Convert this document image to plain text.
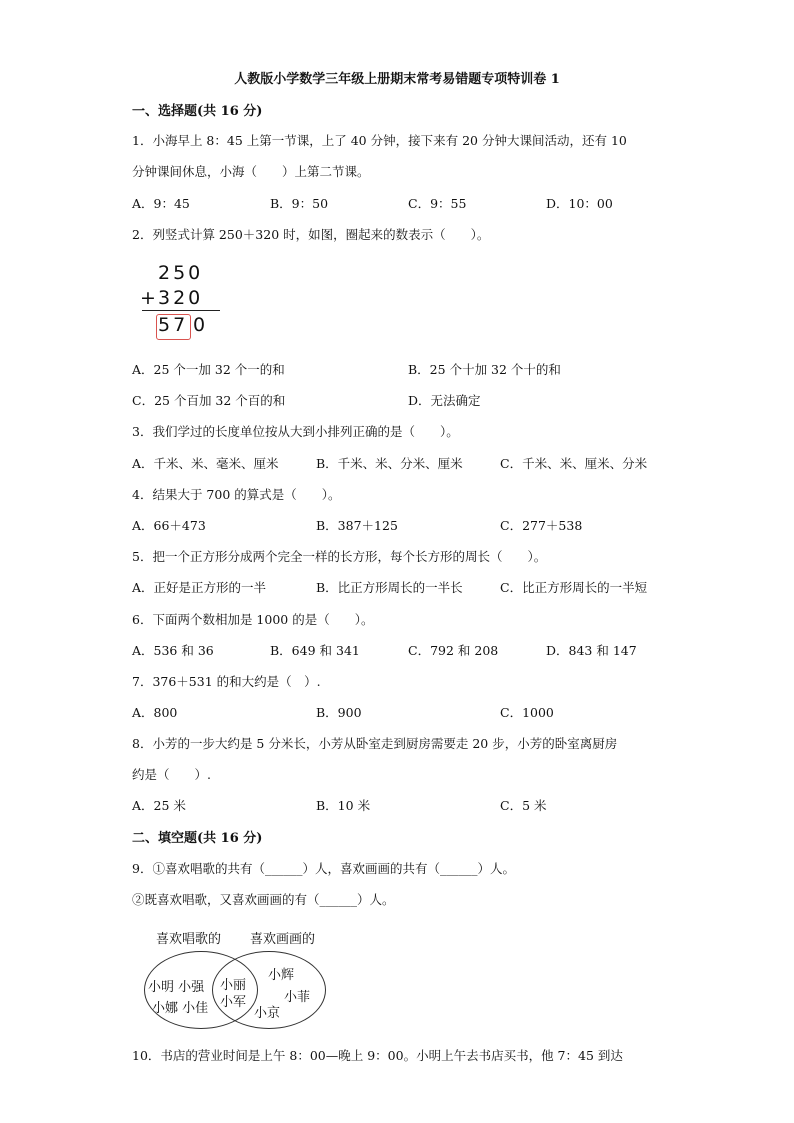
人教版小学数学三年级上册期末常考易错题专项特训卷 1
一、选择题(共 16 分)
1．小海早上 8：45 上第一节课，上了 40 分钟，接下来有 20 分钟大课间活动，还有 10
分钟课间休息，小海（　　）上第二节课。
A．9：45	B．9：50	C．9：55	D．10：00
2．列竖式计算 250＋320 时，如图，圈起来的数表示（　　）。
250
+ 320
57 0
A．25 个一加 32 个一的和	B．25 个十加 32 个十的和
C．25 个百加 32 个百的和	D．无法确定
3．我们学过的长度单位按从大到小排列正确的是（　　）。
A．千米、米、毫米、厘米	B．千米、米、分米、厘米	C．千米、米、厘米、分米
4．结果大于 700 的算式是（　　）。
A．66＋473	B．387＋125	C．277＋538
5．把一个正方形分成两个完全一样的长方形，每个长方形的周长（　　）。
A．正好是正方形的一半	B．比正方形周长的一半长	C．比正方形周长的一半短
6．下面两个数相加是 1000 的是（　　）。
A．536 和 36	B．649 和 341	C．792 和 208	D．843 和 147
7．376＋531 的和大约是（　）.
A．800	B．900	C．1000
8．小芳的一步大约是 5 分米长，小芳从卧室走到厨房需要走 20 步，小芳的卧室离厨房
约是（　　）.
A．25 米	B．10 米	C．5 米
二、填空题(共 16 分)
9．①喜欢唱歌的共有（______）人，喜欢画画的共有（______）人。
②既喜欢唱歌，又喜欢画画的有（______）人。
喜欢唱歌的 喜欢画画的
小明 小强
小娜 小佳
小丽
小军
小辉
小菲
小京
10．书店的营业时间是上午 8：00—晚上 9：00。小明上午去书店买书，他 7：45 到达
